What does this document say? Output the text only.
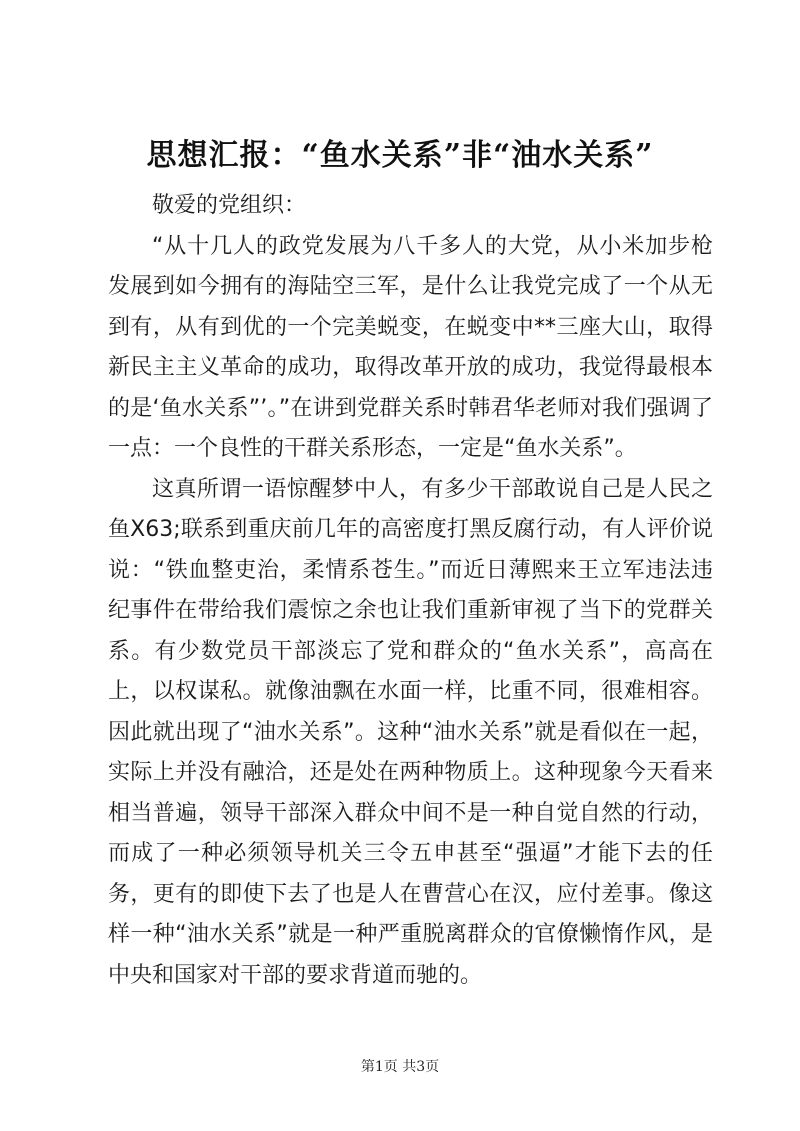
思想汇报：“鱼水关系”非“油水关系”

敬爱的党组织：

“从十几人的政党发展为八千多人的大党，从小米加步枪发展到如今拥有的海陆空三军，是什么让我党完成了一个从无到有，从有到优的一个完美蜕变，在蜕变中**三座大山，取得新民主主义革命的成功，取得改革开放的成功，我觉得最根本的是‘鱼水关系”’。”在讲到党群关系时韩君华老师对我们强调了一点：一个良性的干群关系形态，一定是“鱼水关系”。

这真所谓一语惊醒梦中人，有多少干部敢说自己是人民之鱼X63;联系到重庆前几年的高密度打黑反腐行动，有人评价说说：“铁血整吏治，柔情系苍生。”而近日薄熙来王立军违法违纪事件在带给我们震惊之余也让我们重新审视了当下的党群关系。有少数党员干部淡忘了党和群众的“鱼水关系”，高高在上，以权谋私。就像油飘在水面一样，比重不同，很难相容。因此就出现了“油水关系”。这种“油水关系”就是看似在一起，实际上并没有融洽，还是处在两种物质上。这种现象今天看来相当普遍，领导干部深入群众中间不是一种自觉自然的行动，而成了一种必须领导机关三令五申甚至“强逼”才能下去的任务，更有的即使下去了也是人在曹营心在汉，应付差事。像这样一种“油水关系”就是一种严重脱离群众的官僚懒惰作风，是中央和国家对干部的要求背道而驰的。

第1页 共3页
